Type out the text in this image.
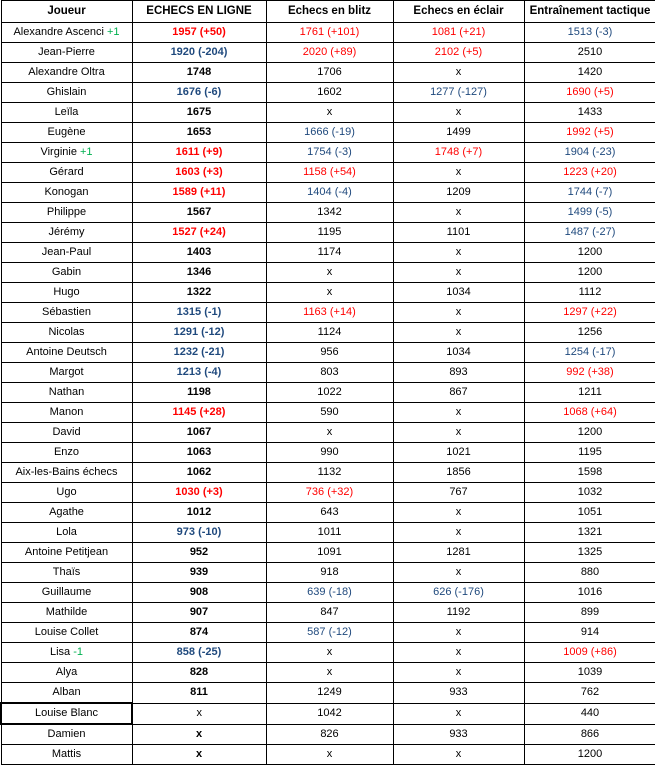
Joueur	ECHECS EN LIGNE	Echecs en blitz	Echecs en éclair	Entraînement tactique
Alexandre Ascenci +1	1957 (+50)	1761 (+101)	1081 (+21)	1513 (-3)
Jean-Pierre	1920 (-204)	2020 (+89)	2102 (+5)	2510
Alexandre Oltra	1748	1706	x	1420
Ghislain	1676 (-6)	1602	1277 (-127)	1690 (+5)
Leïla	1675	x	x	1433
Eugène	1653	1666 (-19)	1499	1992 (+5)
Virginie +1	1611 (+9)	1754 (-3)	1748 (+7)	1904 (-23)
Gérard	1603 (+3)	1158 (+54)	x	1223 (+20)
Konogan	1589 (+11)	1404 (-4)	1209	1744 (-7)
Philippe	1567	1342	x	1499 (-5)
Jérémy	1527 (+24)	1195	1101	1487 (-27)
Jean-Paul	1403	1174	x	1200
Gabin	1346	x	x	1200
Hugo	1322	x	1034	1112
Sébastien	1315 (-1)	1163 (+14)	x	1297 (+22)
Nicolas	1291 (-12)	1124	x	1256
Antoine Deutsch	1232 (-21)	956	1034	1254 (-17)
Margot	1213 (-4)	803	893	992 (+38)
Nathan	1198	1022	867	1211
Manon	1145 (+28)	590	x	1068 (+64)
David	1067	x	x	1200
Enzo	1063	990	1021	1195
Aix-les-Bains échecs	1062	1132	1856	1598
Ugo	1030 (+3)	736 (+32)	767	1032
Agathe	1012	643	x	1051
Lola	973 (-10)	1011	x	1321
Antoine Petitjean	952	1091	1281	1325
Thaïs	939	918	x	880
Guillaume	908	639 (-18)	626 (-176)	1016
Mathilde	907	847	1192	899
Louise Collet	874	587 (-12)	x	914
Lisa -1	858 (-25)	x	x	1009 (+86)
Alya	828	x	x	1039
Alban	811	1249	933	762
Louise Blanc	x	1042	x	440
Damien	x	826	933	866
Mattis	x	x	x	1200
